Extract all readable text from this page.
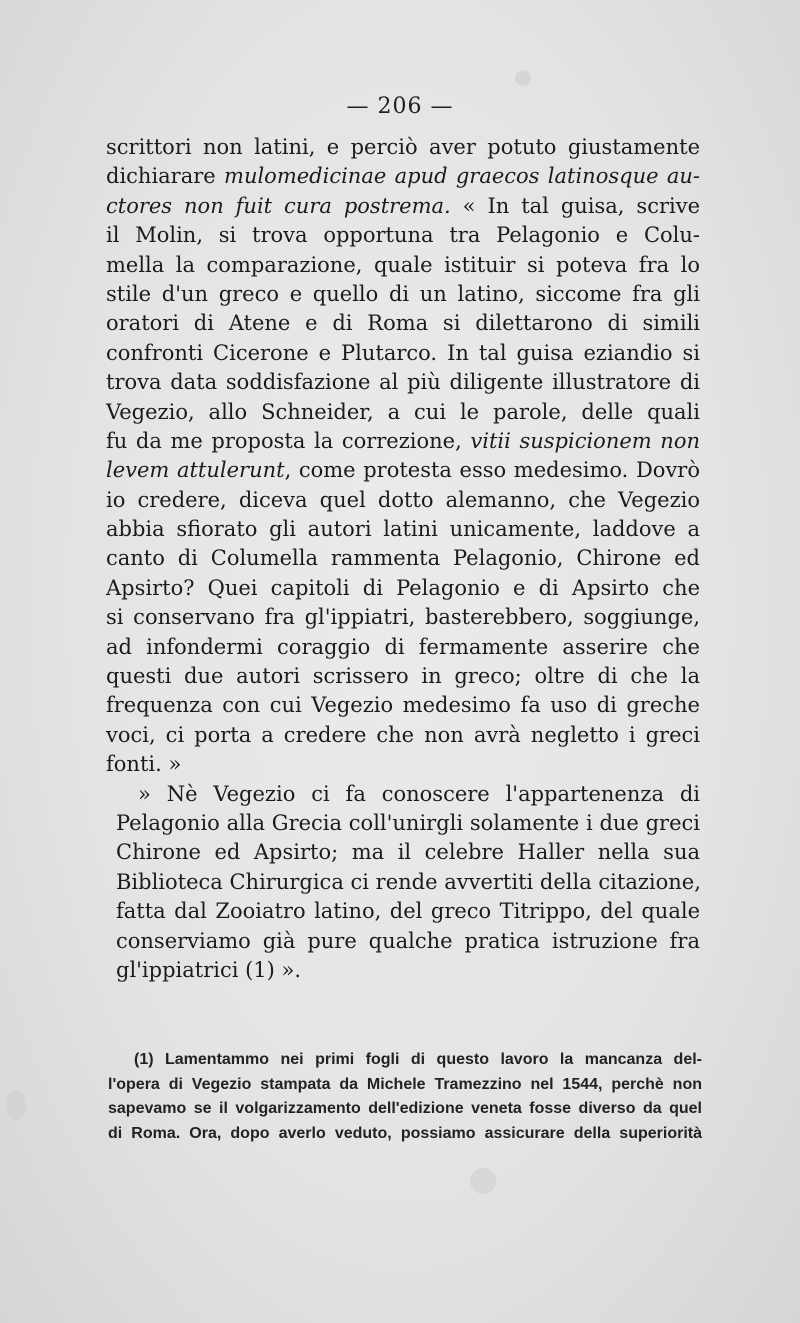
— 206 —
scrittori non latini, e perciò aver potuto giustamente
dichiarare mulomedicinae apud graecos latinosque au-
ctores non fuit cura postrema. « In tal guisa, scrive
il Molin, si trova opportuna tra Pelagonio e Colu-
mella la comparazione, quale istituir si poteva fra lo
stile d'un greco e quello di un latino, siccome fra gli
oratori di Atene e di Roma si dilettarono di simili
confronti Cicerone e Plutarco. In tal guisa eziandio si
trova data soddisfazione al più diligente illustratore di
Vegezio, allo Schneider, a cui le parole, delle quali
fu da me proposta la correzione, vitii suspicionem non
levem attulerunt, come protesta esso medesimo. Dovrò
io credere, diceva quel dotto alemanno, che Vegezio
abbia sfiorato gli autori latini unicamente, laddove a
canto di Columella rammenta Pelagonio, Chirone ed
Apsirto? Quei capitoli di Pelagonio e di Apsirto che
si conservano fra gl'ippiatri, basterebbero, soggiunge,
ad infondermi coraggio di fermamente asserire che
questi due autori scrissero in greco; oltre di che la
frequenza con cui Vegezio medesimo fa uso di greche
voci, ci porta a credere che non avrà negletto i greci
fonti. »
» Nè Vegezio ci fa conoscere l'appartenenza di
Pelagonio alla Grecia coll'unirgli solamente i due greci
Chirone ed Apsirto; ma il celebre Haller nella sua
Biblioteca Chirurgica ci rende avvertiti della citazione,
fatta dal Zooiatro latino, del greco Titrippo, del quale
conserviamo già pure qualche pratica istruzione fra
gl'ippiatrici (1) ».
(1) Lamentammo nei primi fogli di questo lavoro la mancanza del-
l'opera di Vegezio stampata da Michele Tramezzino nel 1544, perchè non
sapevamo se il volgarizzamento dell'edizione veneta fosse diverso da quel
di Roma. Ora, dopo averlo veduto, possiamo assicurare della superiorità
